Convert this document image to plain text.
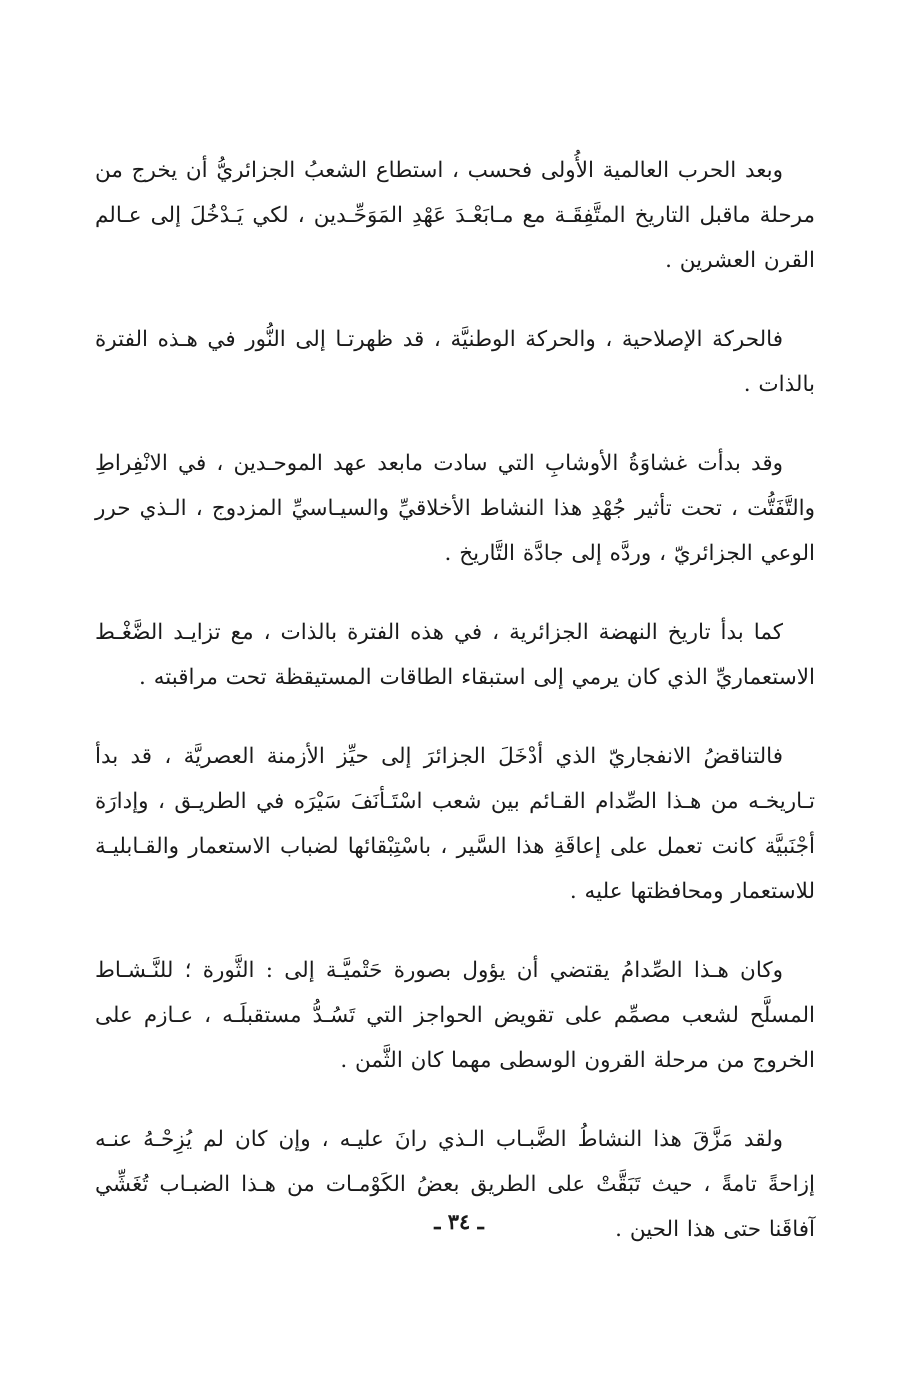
وبعد الحرب العالمية الأُولى فحسب ، استطاع الشعبُ الجزائريُّ أن يخرج من مرحلة ماقبل التاريخ المتَّفِقَـة مع مـابَعْـدَ عَهْدِ المَوَحِّـدين ، لكي يَـدْخُلَ إلى عـالم القرن العشرين .

فالحركة الإصلاحية ، والحركة الوطنيَّة ، قد ظهرتـا إلى النُّور في هـذه الفترة بالذات .

وقد بدأت غشاوَةُ الأوشابِ التي سادت مابعد عهد الموحـدين ، في الانْفِراطِ والتَّفَتُّت ، تحت تأثير جُهْدِ هذا النشاط الأخلاقيِّ والسيـاسيِّ المزدوج ، الـذي حرر الوعي الجزائريّ ، وردَّه إلى جادَّة التَّاريخ .

كما بدأ تاريخ النهضة الجزائرية ، في هذه الفترة بالذات ، مع تزايـد الضَّغْـط الاستعماريِّ الذي كان يرمي إلى استبقاء الطاقات المستيقظة تحت مراقبته .

فالتناقضُ الانفجاريّ الذي أدْخَلَ الجزائرَ إلى حيِّز الأزمنة العصريَّة ، قد بدأ تـاريخـه من هـذا الصِّدام القـائم بين شعب اسْتَـأنَفَ سَيْرَه في الطريـق ، وإدارَة أجْنَبيَّة كانت تعمل على إعاقَةِ هذا السَّير ، باسْتِبْقائها لضباب الاستعمار والقـابليـة للاستعمار ومحافظتها عليه .

وكان هـذا الصِّدامُ يقتضي أن يؤول بصورة حَتْميَّـة إلى : الثَّورة ؛ للنَّـشـاط المسلَّح لشعب مصمِّم على تقويض الحواجز التي تَسُـدُّ مستقبلَـه ، عـازم على الخروج من مرحلة القرون الوسطى مهما كان الثَّمن .

ولقد مَزَّقَ هذا النشاطُ الضَّبـاب الـذي رانَ عليـه ، وإن كان لم يُزِحْـهُ عنـه إزاحةً تامةً ، حيث تَبَقَّتْ على الطريق بعضُ الكَوْمـات من هـذا الضبـاب تُغَشِّي آفاقَنا حتى هذا الحين .

ـ ٣٤ ـ
